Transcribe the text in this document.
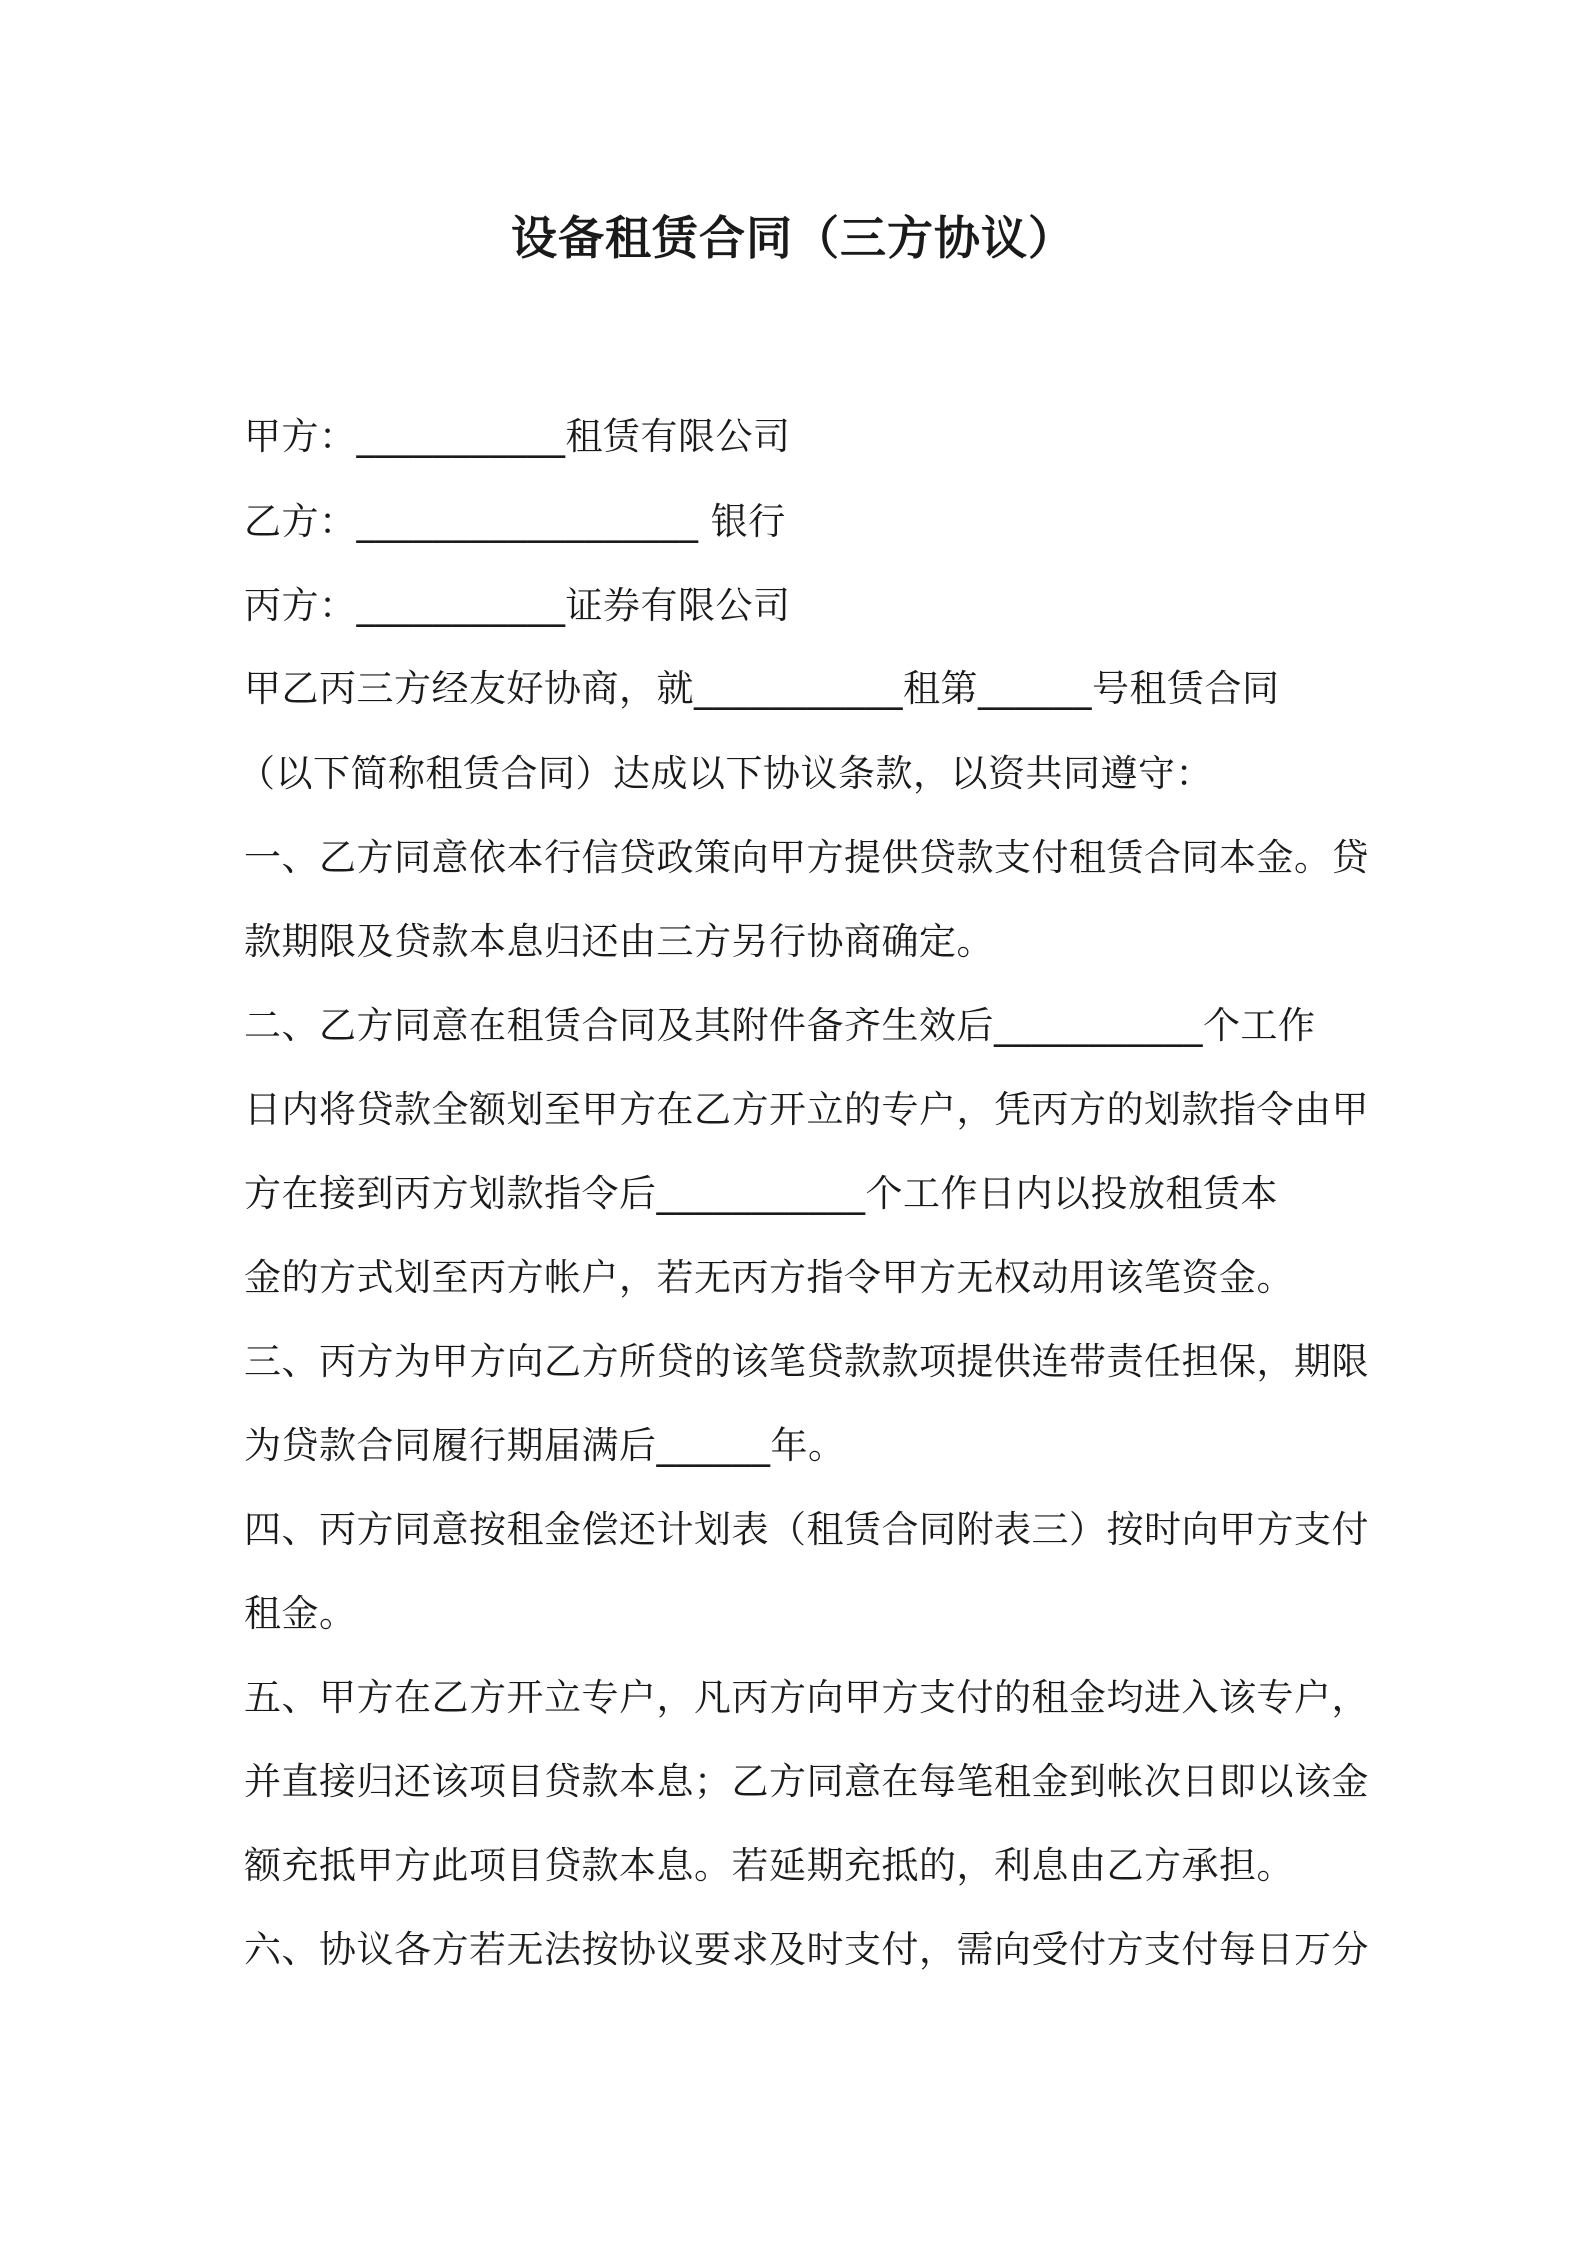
设备租赁合同（三方协议）
甲方：___________租赁有限公司
乙方：__________________ 银行
丙方：___________证券有限公司
甲乙丙三方经友好协商，就___________租第______号租赁合同
（以下简称租赁合同）达成以下协议条款，以资共同遵守：
一、乙方同意依本行信贷政策向甲方提供贷款支付租赁合同本金。贷
款期限及贷款本息归还由三方另行协商确定。
二、乙方同意在租赁合同及其附件备齐生效后___________个工作
日内将贷款全额划至甲方在乙方开立的专户，凭丙方的划款指令由甲
方在接到丙方划款指令后___________个工作日内以投放租赁本
金的方式划至丙方帐户，若无丙方指令甲方无权动用该笔资金。
三、丙方为甲方向乙方所贷的该笔贷款款项提供连带责任担保，期限
为贷款合同履行期届满后______年。
四、丙方同意按租金偿还计划表（租赁合同附表三）按时向甲方支付
租金。
五、甲方在乙方开立专户，凡丙方向甲方支付的租金均进入该专户，
并直接归还该项目贷款本息；乙方同意在每笔租金到帐次日即以该金
额充抵甲方此项目贷款本息。若延期充抵的，利息由乙方承担。
六、协议各方若无法按协议要求及时支付，需向受付方支付每日万分
